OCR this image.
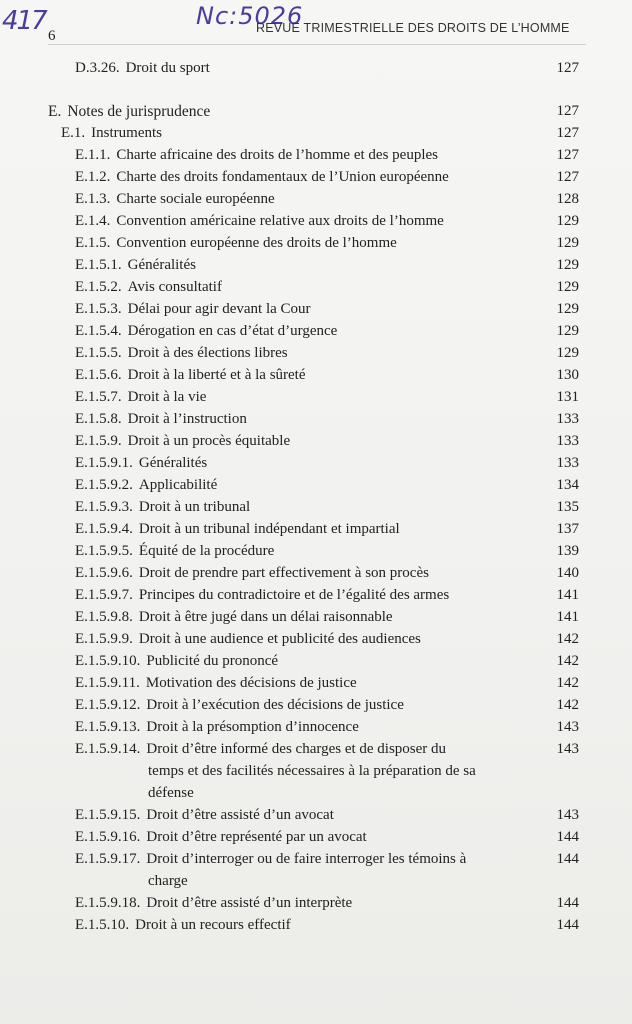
417	Nc:5026
6	REVUE TRIMESTRIELLE DES DROITS DE L’HOMME
D.3.26. Droit du sport	127
E. Notes de jurisprudence	127
E.1. Instruments	127
E.1.1. Charte africaine des droits de l’homme et des peuples	127
E.1.2. Charte des droits fondamentaux de l’Union européenne	127
E.1.3. Charte sociale européenne	128
E.1.4. Convention américaine relative aux droits de l’homme	129
E.1.5. Convention européenne des droits de l’homme	129
E.1.5.1. Généralités	129
E.1.5.2. Avis consultatif	129
E.1.5.3. Délai pour agir devant la Cour	129
E.1.5.4. Dérogation en cas d’état d’urgence	129
E.1.5.5. Droit à des élections libres	129
E.1.5.6. Droit à la liberté et à la sûreté	130
E.1.5.7. Droit à la vie	131
E.1.5.8. Droit à l’instruction	133
E.1.5.9. Droit à un procès équitable	133
E.1.5.9.1. Généralités	133
E.1.5.9.2. Applicabilité	134
E.1.5.9.3. Droit à un tribunal	135
E.1.5.9.4. Droit à un tribunal indépendant et impartial	137
E.1.5.9.5. Équité de la procédure	139
E.1.5.9.6. Droit de prendre part effectivement à son procès	140
E.1.5.9.7. Principes du contradictoire et de l’égalité des armes	141
E.1.5.9.8. Droit à être jugé dans un délai raisonnable	141
E.1.5.9.9. Droit à une audience et publicité des audiences	142
E.1.5.9.10. Publicité du prononcé	142
E.1.5.9.11. Motivation des décisions de justice	142
E.1.5.9.12. Droit à l’exécution des décisions de justice	142
E.1.5.9.13. Droit à la présomption d’innocence	143
E.1.5.9.14. Droit d’être informé des charges et de disposer du	143
temps et des facilités nécessaires à la préparation de sa
défense
E.1.5.9.15. Droit d’être assisté d’un avocat	143
E.1.5.9.16. Droit d’être représenté par un avocat	144
E.1.5.9.17. Droit d’interroger ou de faire interroger les témoins à	144
charge
E.1.5.9.18. Droit d’être assisté d’un interprète	144
E.1.5.10. Droit à un recours effectif	144
